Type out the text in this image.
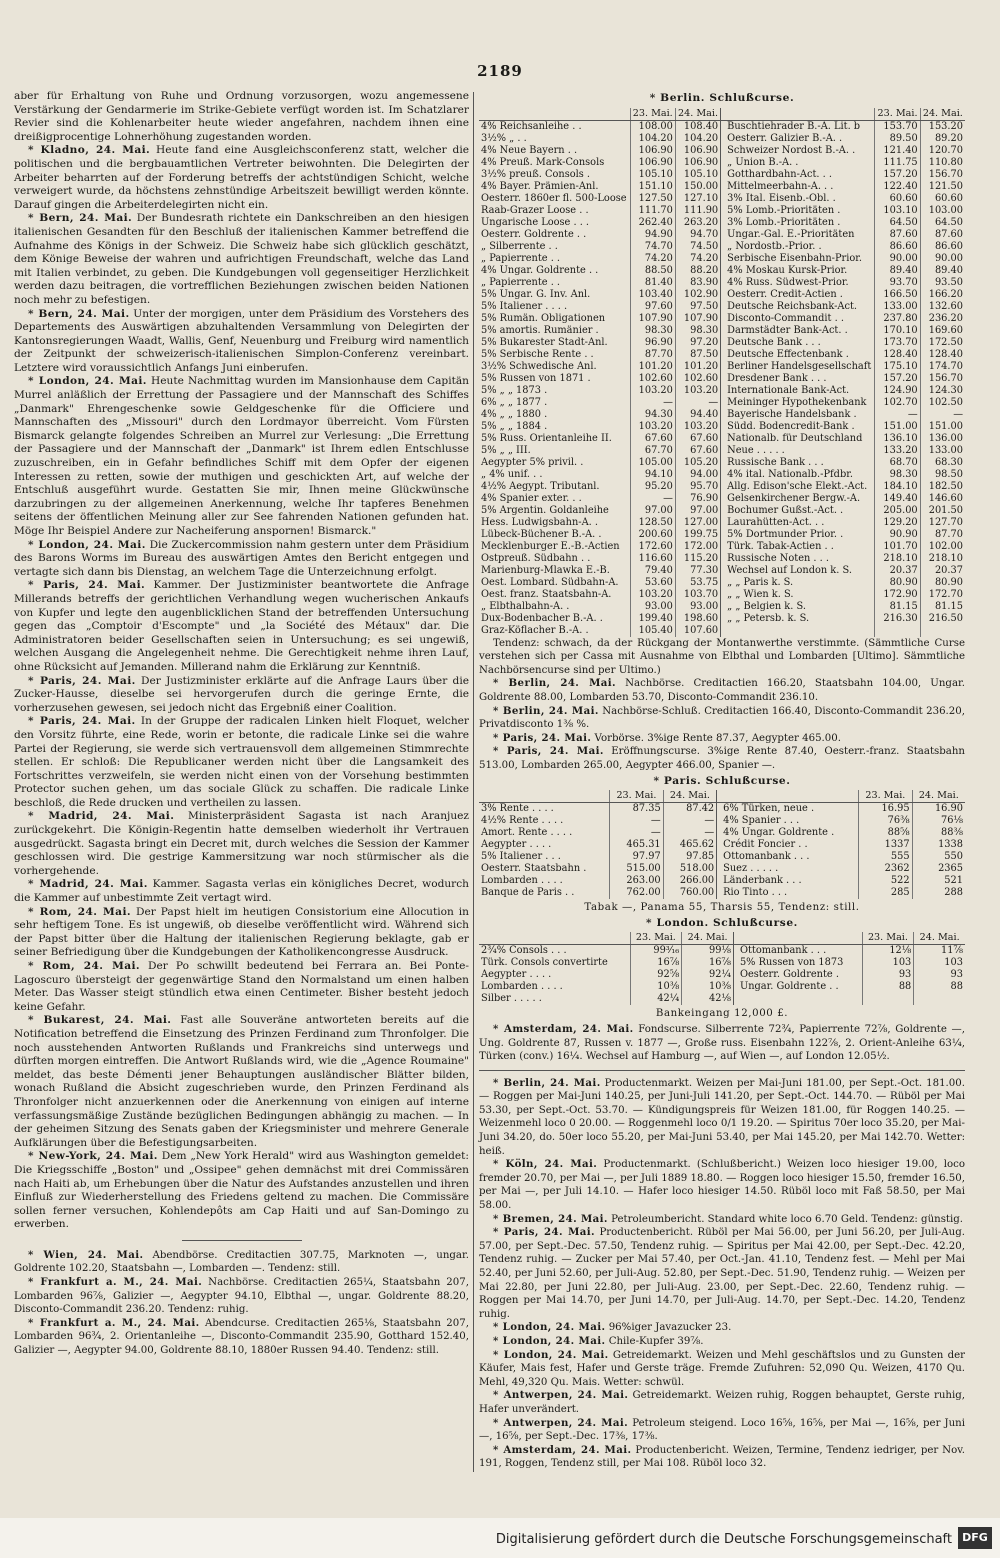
2189

aber für Erhaltung von Ruhe und Ordnung vorzusorgen, wozu angemessene Verstärkung der Gendarmerie im Strike-Gebiete verfügt worden ist. Im Schatzlarer Revier sind die Kohlenarbeiter heute wieder angefahren, nachdem ihnen eine dreißigprocentige Lohnerhöhung zugestanden worden.

* Kladno, 24. Mai. Heute fand eine Ausgleichsconferenz statt, welcher die politischen und die bergbauamtlichen Vertreter beiwohnten. Die Delegirten der Arbeiter beharrten auf der Forderung betreffs der achtstündigen Schicht, welche verweigert wurde, da höchstens zehnstündige Arbeitszeit bewilligt werden könnte. Darauf gingen die Arbeiterdelegirten nicht ein.

* Bern, 24. Mai. Der Bundesrath richtete ein Dankschreiben an den hiesigen italienischen Gesandten für den Beschluß der italienischen Kammer betreffend die Aufnahme des Königs in der Schweiz. Die Schweiz habe sich glücklich geschätzt, dem Könige Beweise der wahren und aufrichtigen Freundschaft, welche das Land mit Italien verbindet, zu geben. Die Kundgebungen voll gegenseitiger Herzlichkeit werden dazu beitragen, die vortrefflichen Beziehungen zwischen beiden Nationen noch mehr zu befestigen.

* Bern, 24. Mai. Unter der morgigen, unter dem Präsidium des Vorstehers des Departements des Auswärtigen abzuhaltenden Versammlung von Delegirten der Kantonsregierungen Waadt, Wallis, Genf, Neuenburg und Freiburg wird namentlich der Zeitpunkt der schweizerisch-italienischen Simplon-Conferenz vereinbart. Letztere wird voraussichtlich Anfangs Juni einberufen.

* London, 24. Mai. Heute Nachmittag wurden im Mansionhause dem Capitän Murrel anläßlich der Errettung der Passagiere und der Mannschaft des Schiffes „Danmark" Ehrengeschenke sowie Geldgeschenke für die Officiere und Mannschaften des „Missouri" durch den Lordmayor überreicht. Vom Fürsten Bismarck gelangte folgendes Schreiben an Murrel zur Verlesung: „Die Errettung der Passagiere und der Mannschaft der „Danmark" ist Ihrem edlen Entschlusse zuzuschreiben, ein in Gefahr befindliches Schiff mit dem Opfer der eigenen Interessen zu retten, sowie der muthigen und geschickten Art, auf welche der Entschluß ausgeführt wurde. Gestatten Sie mir, Ihnen meine Glückwünsche darzubringen zu der allgemeinen Anerkennung, welche Ihr tapferes Benehmen seitens der öffentlichen Meinung aller zur See fahrenden Nationen gefunden hat. Möge Ihr Beispiel Andere zur Nacheiferung anspornen! Bismarck."

* London, 24. Mai. Die Zuckercommission nahm gestern unter dem Präsidium des Barons Worms im Bureau des auswärtigen Amtes den Bericht entgegen und vertagte sich dann bis Dienstag, an welchem Tage die Unterzeichnung erfolgt.

* Paris, 24. Mai. Kammer. Der Justizminister beantwortete die Anfrage Millerands betreffs der gerichtlichen Verhandlung wegen wucherischen Ankaufs von Kupfer und legte den augenblicklichen Stand der betreffenden Untersuchung gegen das „Comptoir d'Escompte" und „la Société des Métaux" dar. Die Administratoren beider Gesellschaften seien in Untersuchung; es sei ungewiß, welchen Ausgang die Angelegenheit nehme. Die Gerechtigkeit nehme ihren Lauf, ohne Rücksicht auf Jemanden. Millerand nahm die Erklärung zur Kenntniß.

* Paris, 24. Mai. Der Justizminister erklärte auf die Anfrage Laurs über die Zucker-Hausse, dieselbe sei hervorgerufen durch die geringe Ernte, die vorherzusehen gewesen, sei jedoch nicht das Ergebniß einer Coalition.

* Paris, 24. Mai. In der Gruppe der radicalen Linken hielt Floquet, welcher den Vorsitz führte, eine Rede, worin er betonte, die radicale Linke sei die wahre Partei der Regierung, sie werde sich vertrauensvoll dem allgemeinen Stimmrechte stellen. Er schloß: Die Republicaner werden nicht über die Langsamkeit des Fortschrittes verzweifeln, sie werden nicht einen von der Vorsehung bestimmten Protector suchen gehen, um das sociale Glück zu schaffen. Die radicale Linke beschloß, die Rede drucken und vertheilen zu lassen.

* Madrid, 24. Mai. Ministerpräsident Sagasta ist nach Aranjuez zurückgekehrt. Die Königin-Regentin hatte demselben wiederholt ihr Vertrauen ausgedrückt. Sagasta bringt ein Decret mit, durch welches die Session der Kammer geschlossen wird. Die gestrige Kammersitzung war noch stürmischer als die vorhergehende.

* Madrid, 24. Mai. Kammer. Sagasta verlas ein königliches Decret, wodurch die Kammer auf unbestimmte Zeit vertagt wird.

* Rom, 24. Mai. Der Papst hielt im heutigen Consistorium eine Allocution in sehr heftigem Tone. Es ist ungewiß, ob dieselbe veröffentlicht wird. Während sich der Papst bitter über die Haltung der italienischen Regierung beklagte, gab er seiner Befriedigung über die Kundgebungen der Katholikencongresse Ausdruck.

* Rom, 24. Mai. Der Po schwillt bedeutend bei Ferrara an. Bei Ponte-Lagoscuro übersteigt der gegenwärtige Stand den Normalstand um einen halben Meter. Das Wasser steigt stündlich etwa einen Centimeter. Bisher besteht jedoch keine Gefahr.

* Bukarest, 24. Mai. Fast alle Souveräne antworteten bereits auf die Notification betreffend die Einsetzung des Prinzen Ferdinand zum Thronfolger. Die noch ausstehenden Antworten Rußlands und Frankreichs sind unterwegs und dürften morgen eintreffen. Die Antwort Rußlands wird, wie die „Agence Roumaine" meldet, das beste Démenti jener Behauptungen ausländischer Blätter bilden, wonach Rußland die Absicht zugeschrieben wurde, den Prinzen Ferdinand als Thronfolger nicht anzuerkennen oder die Anerkennung von einigen auf interne verfassungsmäßige Zustände bezüglichen Bedingungen abhängig zu machen. — In der geheimen Sitzung des Senats gaben der Kriegsminister und mehrere Generale Aufklärungen über die Befestigungsarbeiten.

* New-York, 24. Mai. Dem „New York Herald" wird aus Washington gemeldet: Die Kriegsschiffe „Boston" und „Ossipee" gehen demnächst mit drei Commissären nach Haiti ab, um Erhebungen über die Natur des Aufstandes anzustellen und ihren Einfluß zur Wiederherstellung des Friedens geltend zu machen. Die Commissäre sollen ferner versuchen, Kohlendepôts am Cap Haiti und auf San-Domingo zu erwerben.

* Wien, 24. Mai. Abendbörse. Creditactien 307.75, Marknoten —, ungar. Goldrente 102.20, Staatsbahn —, Lombarden —. Tendenz: still.

* Frankfurt a. M., 24. Mai. Nachbörse. Creditactien 265¼, Staatsbahn 207, Lombarden 96⅞, Galizier —, Aegypter 94.10, Elbthal —, ungar. Goldrente 88.20, Disconto-Commandit 236.20. Tendenz: ruhig.

* Frankfurt a. M., 24. Mai. Abendcurse. Creditactien 265⅛, Staatsbahn 207, Lombarden 96¾, 2. Orientanleihe —, Disconto-Commandit 235.90, Gotthard 152.40, Galizier —, Aegypter 94.00, Goldrente 88.10, 1880er Russen 94.40. Tendenz: still.

* Berlin. Schlußcurse.
	23. Mai.	24. Mai.			23. Mai.	24. Mai.
4% Reichsanleihe . .	108.00	108.40		Buschtiehrader B.-A. Lit. b	153.70	153.20
3½% „ . .	104.20	104.20		Oesterr. Galizier B.-A. .	89.50	89.20
4% Neue Bayern . .	106.90	106.90		Schweizer Nordost B.-A. .	121.40	120.70
4% Preuß. Mark-Consols	106.90	106.90		„ Union B.-A. .	111.75	110.80
3½% preuß. Consols .	105.10	105.10		Gotthardbahn-Act. . .	157.20	156.70
4% Bayer. Prämien-Anl.	151.10	150.00		Mittelmeerbahn-A. . .	122.40	121.50
Oesterr. 1860er fl. 500-Loose	127.50	127.10		3% Ital. Eisenb.-Obl. .	60.60	60.60
Raab-Grazer Loose . .	111.70	111.90		5% Lomb.-Prioritäten .	103.10	103.00
Ungarische Loose . . .	262.40	263.20		3% Lomb.-Prioritäten .	64.50	64.50
Oesterr. Goldrente . .	94.90	94.70		Ungar.-Gal. E.-Prioritäten	87.60	87.60
„ Silberrente . .	74.70	74.50		„ Nordostb.-Prior. .	86.60	86.60
„ Papierrente . .	74.20	74.20		Serbische Eisenbahn-Prior.	90.00	90.00
4% Ungar. Goldrente . .	88.50	88.20		4% Moskau Kursk-Prior.	89.40	89.40
„ Papierrente . .	81.40	83.90		4% Russ. Südwest-Prior.	93.70	93.50
5% Ungar. G. Inv. Anl.	103.40	102.90		Oesterr. Credit-Actien .	166.50	166.20
5% Italiener . . . .	97.60	97.50		Deutsche Reichsbank-Act.	133.00	132.60
5% Rumän. Obligationen	107.90	107.90		Disconto-Commandit . .	237.80	236.20
5% amortis. Rumänier .	98.30	98.30		Darmstädter Bank-Act. .	170.10	169.60
5% Bukarester Stadt-Anl.	96.90	97.20		Deutsche Bank . . .	173.70	172.50
5% Serbische Rente . .	87.70	87.50		Deutsche Effectenbank .	128.40	128.40
3½% Schwedische Anl.	101.20	101.20		Berliner Handelsgesellschaft	175.10	174.70
5% Russen von 1871 .	102.60	102.60		Dresdener Bank . . .	157.20	156.70
5% „ „ 1873 .	103.20	103.20		Internationale Bank-Act.	124.90	124.30
6% „ „ 1877 .	—	—		Meininger Hypothekenbank	102.70	102.50
4% „ „ 1880 .	94.30	94.40		Bayerische Handelsbank .	—	—
5% „ „ 1884 .	103.20	103.20		Südd. Bodencredit-Bank .	151.00	151.00
5% Russ. Orientanleihe II.	67.60	67.60		Nationalb. für Deutschland	136.10	136.00
5% „ „ III.	67.70	67.60		Neue . . . . .	133.20	133.00
Aegypter 5% privil. .	105.00	105.20		Russische Bank . . .	68.70	68.30
„ 4% unif. . .	94.10	94.00		4% ital. Nationalb.-Pfdbr.	98.30	98.50
4½% Aegypt. Tributanl.	95.20	95.70		Allg. Edison'sche Elekt.-Act.	184.10	182.50
4% Spanier exter. . .	—	76.90		Gelsenkirchener Bergw.-A.	149.40	146.60
5% Argentin. Goldanleihe	97.00	97.00		Bochumer Gußst.-Act. .	205.00	201.50
Hess. Ludwigsbahn-A. .	128.50	127.00		Laurahütten-Act. . .	129.20	127.70
Lübeck-Büchener B.-A. .	200.60	199.75		5% Dortmunder Prior. .	90.90	87.70
Mecklenburger E.-B.-Actien	172.60	172.00		Türk. Tabak-Actien . .	101.70	102.00
Ostpreuß. Südbahn . .	116.60	115.20		Russische Noten . . .	218.10	218.10
Marienburg-Mlawka E.-B.	79.40	77.30		Wechsel auf London k. S.	20.37	20.37
Oest. Lombard. Südbahn-A.	53.60	53.75		„ „ Paris k. S.	80.90	80.90
Oest. franz. Staatsbahn-A.	103.20	103.70		„ „ Wien k. S.	172.90	172.70
„ Elbthalbahn-A. .	93.00	93.00		„ „ Belgien k. S.	81.15	81.15
Dux-Bodenbacher B.-A. .	199.40	198.60		„ „ Petersb. k. S.	216.30	216.50
Graz-Köflacher B.-A. .	105.40	107.60				

Tendenz: schwach, da der Rückgang der Montanwerthe verstimmte. (Sämmtliche Curse verstehen sich per Cassa mit Ausnahme von Elbthal und Lombarden [Ultimo]. Sämmtliche Nachbörsencurse sind per Ultimo.)

* Berlin, 24. Mai. Nachbörse. Creditactien 166.20, Staatsbahn 104.00, Ungar. Goldrente 88.00, Lombarden 53.70, Disconto-Commandit 236.10.

* Berlin, 24. Mai. Nachbörse-Schluß. Creditactien 166.40, Disconto-Commandit 236.20, Privatdisconto 1⅜ %.

* Paris, 24. Mai. Vorbörse. 3%ige Rente 87.37, Aegypter 465.00.

* Paris, 24. Mai. Eröffnungscurse. 3%ige Rente 87.40, Oesterr.-franz. Staatsbahn 513.00, Lombarden 265.00, Aegypter 466.00, Spanier —.

* Paris. Schlußcurse.
	23. Mai.	24. Mai.			23. Mai.	24. Mai.
3% Rente . . . .	87.35	87.42		6% Türken, neue .	16.95	16.90
4½% Rente . . . .	—	—		4% Spanier . . .	76⅜	76⅛
Amort. Rente . . . .	—	—		4% Ungar. Goldrente .	88⅝	88⅜
Aegypter . . . .	465.31	465.62		Crédit Foncier . .	1337	1338
5% Italiener . . .	97.97	97.85		Ottomanbank . . .	555	550
Oesterr. Staatsbahn .	515.00	518.00		Suez . . . . .	2362	2365
Lombarden . . . .	263.00	266.00		Länderbank . . .	522	521
Banque de Paris . .	762.00	760.00		Rio Tinto . . .	285	288
Tabak —, Panama 55, Tharsis 55, Tendenz: still.
* London. Schlußcurse.
	23. Mai.	24. Mai.			23. Mai.	24. Mai.
2¾% Consols . . .	99³⁄₁₆	99⅛		Ottomanbank . . .	12⅛	11⅞
Türk. Consols convertirte	16⅞	16⅞		5% Russen von 1873	103	103
Aegypter . . . .	92⅝	92¼		Oesterr. Goldrente .	93	93
Lombarden . . . .	10⅜	10⅜		Ungar. Goldrente . .	88	88
Silber . . . . .	42¼	42⅛				
Bankeingang 12,000 £.

* Amsterdam, 24. Mai. Fondscurse. Silberrente 72¾, Papierrente 72⅞, Goldrente —, Ung. Goldrente 87, Russen v. 1877 —, Große russ. Eisenbahn 122⅞, 2. Orient-Anleihe 63¼, Türken (conv.) 16¼. Wechsel auf Hamburg —, auf Wien —, auf London 12.05½.

* Berlin, 24. Mai. Productenmarkt. Weizen per Mai-Juni 181.00, per Sept.-Oct. 181.00. — Roggen per Mai-Juni 140.25, per Juni-Juli 141.20, per Sept.-Oct. 144.70. — Rüböl per Mai 53.30, per Sept.-Oct. 53.70. — Kündigungspreis für Weizen 181.00, für Roggen 140.25. — Weizenmehl loco 0 20.00. — Roggenmehl loco 0/1 19.20. — Spiritus 70er loco 35.20, per Mai-Juni 34.20, do. 50er loco 55.20, per Mai-Juni 53.40, per Mai 145.20, per Mai 142.70. Wetter: heiß.

* Köln, 24. Mai. Productenmarkt. (Schlußbericht.) Weizen loco hiesiger 19.00, loco fremder 20.70, per Mai —, per Juli 1889 18.80. — Roggen loco hiesiger 15.50, fremder 16.50, per Mai —, per Juli 14.10. — Hafer loco hiesiger 14.50. Rüböl loco mit Faß 58.50, per Mai 58.00.

* Bremen, 24. Mai. Petroleumbericht. Standard white loco 6.70 Geld. Tendenz: günstig.

* Paris, 24. Mai. Productenbericht. Rüböl per Mai 56.00, per Juni 56.20, per Juli-Aug. 57.00, per Sept.-Dec. 57.50, Tendenz ruhig. — Spiritus per Mai 42.00, per Sept.-Dec. 42.20, Tendenz ruhig. — Zucker per Mai 57.40, per Oct.-Jan. 41.10, Tendenz fest. — Mehl per Mai 52.40, per Juni 52.60, per Juli-Aug. 52.80, per Sept.-Dec. 51.90, Tendenz ruhig. — Weizen per Mai 22.80, per Juni 22.80, per Juli-Aug. 23.00, per Sept.-Dec. 22.60, Tendenz ruhig. — Roggen per Mai 14.70, per Juni 14.70, per Juli-Aug. 14.70, per Sept.-Dec. 14.20, Tendenz ruhig.

* London, 24. Mai. 96%iger Javazucker 23.

* London, 24. Mai. Chile-Kupfer 39⅞.

* London, 24. Mai. Getreidemarkt. Weizen und Mehl geschäftslos und zu Gunsten der Käufer, Mais fest, Hafer und Gerste träge. Fremde Zufuhren: 52,090 Qu. Weizen, 4170 Qu. Mehl, 49,320 Qu. Mais. Wetter: schwül.

* Antwerpen, 24. Mai. Getreidemarkt. Weizen ruhig, Roggen behauptet, Gerste ruhig, Hafer unverändert.

* Antwerpen, 24. Mai. Petroleum steigend. Loco 16⅝, 16⅝, per Mai —, 16⅝, per Juni —, 16⅝, per Sept.-Dec. 17⅜, 17⅜.

* Amsterdam, 24. Mai. Productenbericht. Weizen, Termine, Tendenz iedriger, per Nov. 191, Roggen, Tendenz still, per Mai 108. Rüböl loco 32.

Digitalisierung gefördert durch die Deutsche Forschungsgemeinschaft DFG
